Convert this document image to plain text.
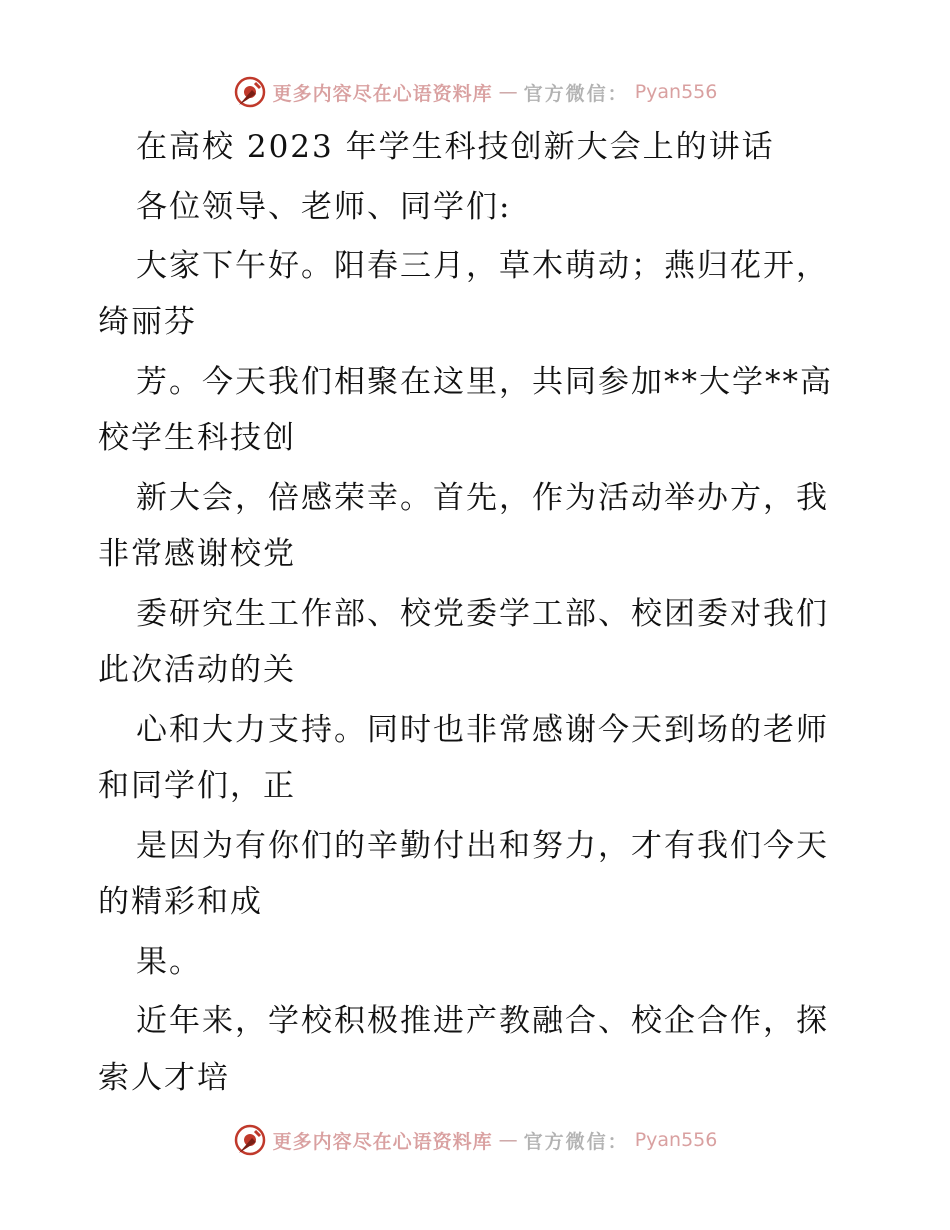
更多内容尽在心语资料库 — 官方微信： Pyan556
在高校 2023 年学生科技创新大会上的讲话
各位领导、老师、同学们:
大家下午好。阳春三月，草木萌动；燕归花开，
绮丽芬
芳。今天我们相聚在这里，共同参加**大学**高
校学生科技创
新大会，倍感荣幸。首先，作为活动举办方，我
非常感谢校党
委研究生工作部、校党委学工部、校团委对我们
此次活动的关
心和大力支持。同时也非常感谢今天到场的老师
和同学们，正
是因为有你们的辛勤付出和努力，才有我们今天
的精彩和成
果。
近年来，学校积极推进产教融合、校企合作，探
索人才培
更多内容尽在心语资料库 — 官方微信： Pyan556
